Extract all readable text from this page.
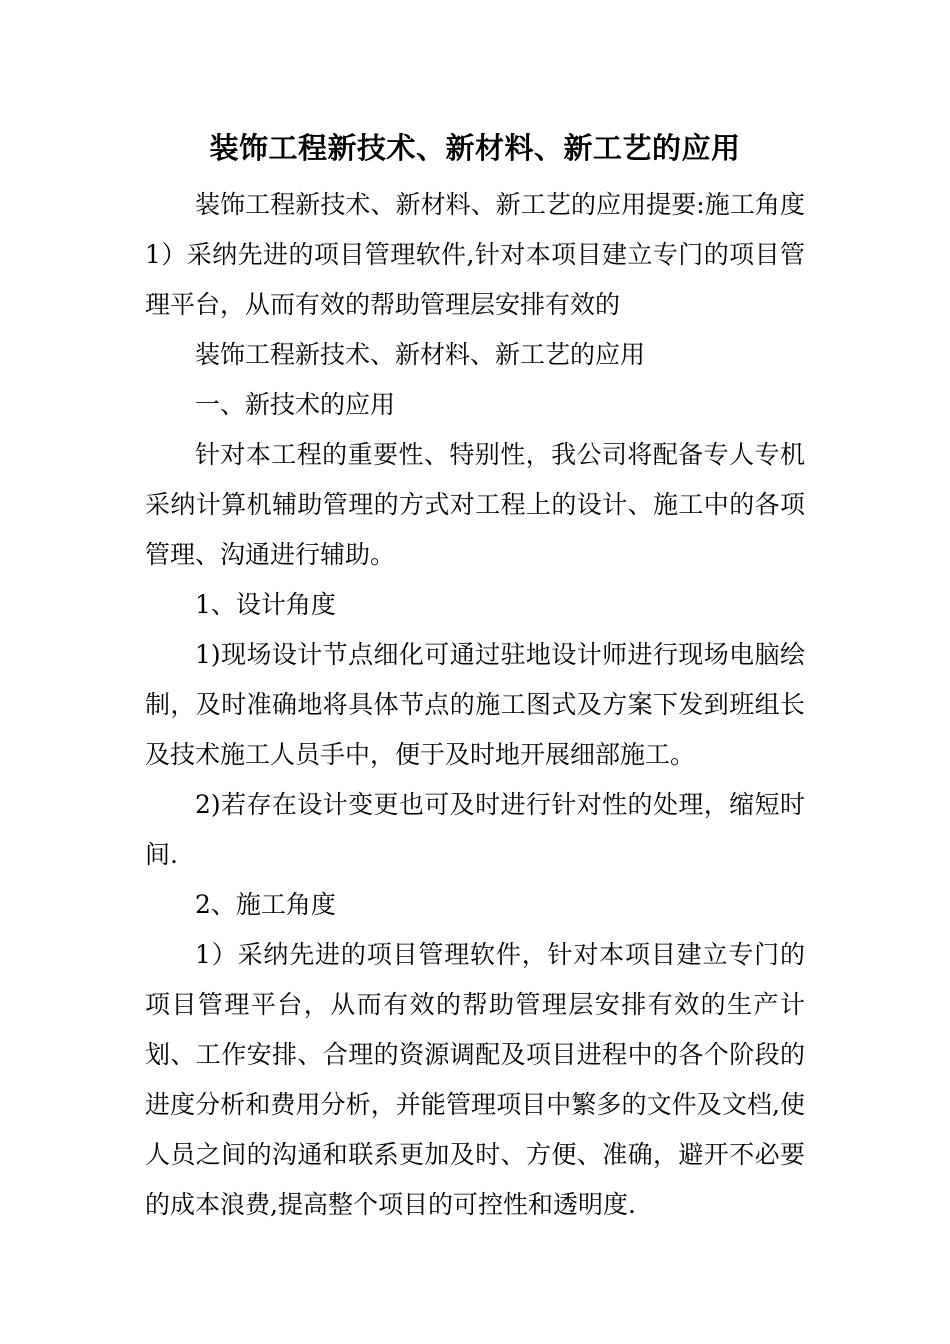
装饰工程新技术、新材料、新工艺的应用

装饰工程新技术、新材料、新工艺的应用提要:施工角度1）采纳先进的项目管理软件,针对本项目建立专门的项目管理平台，从而有效的帮助管理层安排有效的

装饰工程新技术、新材料、新工艺的应用

一、新技术的应用

针对本工程的重要性、特别性，我公司将配备专人专机采纳计算机辅助管理的方式对工程上的设计、施工中的各项管理、沟通进行辅助。

1、设计角度

1)现场设计节点细化可通过驻地设计师进行现场电脑绘制，及时准确地将具体节点的施工图式及方案下发到班组长及技术施工人员手中，便于及时地开展细部施工。

2)若存在设计变更也可及时进行针对性的处理，缩短时间.

2、施工角度

1）采纳先进的项目管理软件，针对本项目建立专门的项目管理平台，从而有效的帮助管理层安排有效的生产计划、工作安排、合理的资源调配及项目进程中的各个阶段的进度分析和费用分析，并能管理项目中繁多的文件及文档,使人员之间的沟通和联系更加及时、方便、准确，避开不必要的成本浪费,提高整个项目的可控性和透明度.
